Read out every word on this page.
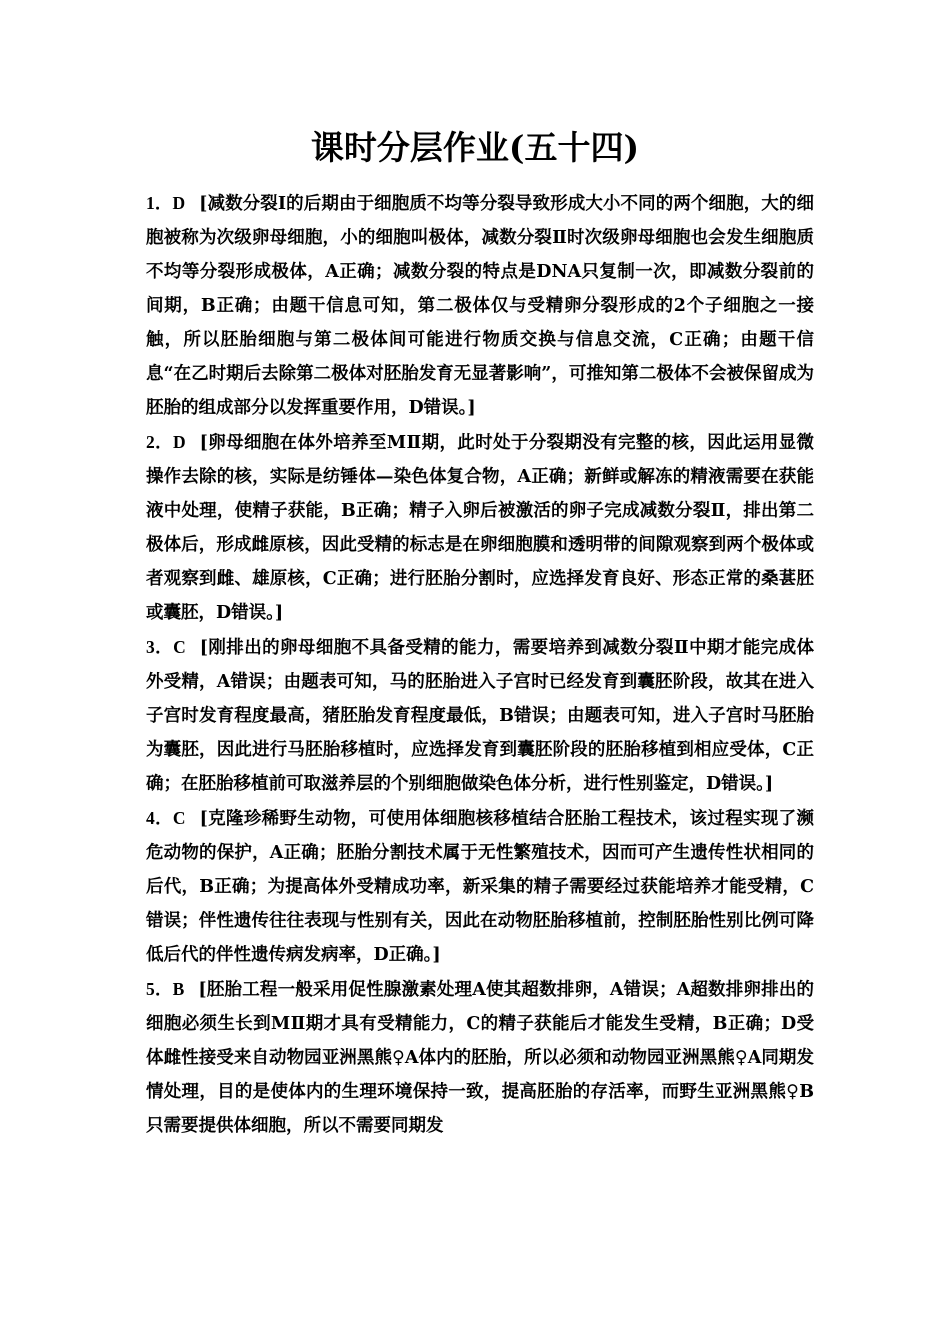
课时分层作业(五十四)

1．D [减数分裂Ⅰ的后期由于细胞质不均等分裂导致形成大小不同的两个细胞，大的细胞被称为次级卵母细胞，小的细胞叫极体，减数分裂Ⅱ时次级卵母细胞也会发生细胞质不均等分裂形成极体，A正确；减数分裂的特点是DNA只复制一次，即减数分裂前的间期，B正确；由题干信息可知，第二极体仅与受精卵分裂形成的2个子细胞之一接触，所以胚胎细胞与第二极体间可能进行物质交换与信息交流，C正确；由题干信息“在乙时期后去除第二极体对胚胎发育无显著影响”，可推知第二极体不会被保留成为胚胎的组成部分以发挥重要作用，D错误。]

2．D [卵母细胞在体外培养至MⅡ期，此时处于分裂期没有完整的核，因此运用显微操作去除的核，实际是纺锤体—染色体复合物，A正确；新鲜或解冻的精液需要在获能液中处理，使精子获能，B正确；精子入卵后被激活的卵子完成减数分裂Ⅱ，排出第二极体后，形成雌原核，因此受精的标志是在卵细胞膜和透明带的间隙观察到两个极体或者观察到雌、雄原核，C正确；进行胚胎分割时，应选择发育良好、形态正常的桑葚胚或囊胚，D错误。]

3．C [刚排出的卵母细胞不具备受精的能力，需要培养到减数分裂Ⅱ中期才能完成体外受精，A错误；由题表可知，马的胚胎进入子宫时已经发育到囊胚阶段，故其在进入子宫时发育程度最高，猪胚胎发育程度最低，B错误；由题表可知，进入子宫时马胚胎为囊胚，因此进行马胚胎移植时，应选择发育到囊胚阶段的胚胎移植到相应受体，C正确；在胚胎移植前可取滋养层的个别细胞做染色体分析，进行性别鉴定，D错误。]

4．C [克隆珍稀野生动物，可使用体细胞核移植结合胚胎工程技术，该过程实现了濒危动物的保护，A正确；胚胎分割技术属于无性繁殖技术，因而可产生遗传性状相同的后代，B正确；为提高体外受精成功率，新采集的精子需要经过获能培养才能受精，C错误；伴性遗传往往表现与性别有关，因此在动物胚胎移植前，控制胚胎性别比例可降低后代的伴性遗传病发病率，D正确。]

5．B [胚胎工程一般采用促性腺激素处理A使其超数排卵，A错误；A超数排卵排出的细胞必须生长到MⅡ期才具有受精能力，C的精子获能后才能发生受精，B正确；D受体雌性接受来自动物园亚洲黑熊♀A体内的胚胎，所以必须和动物园亚洲黑熊♀A同期发情处理，目的是使体内的生理环境保持一致，提高胚胎的存活率，而野生亚洲黑熊♀B只需要提供体细胞，所以不需要同期发
